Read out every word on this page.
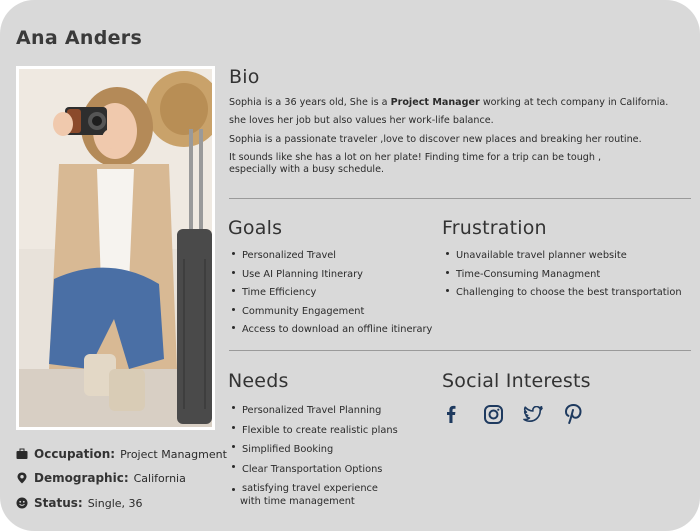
Ana Anders
Occupation: Project Managment
Demographic: California
Status: Single, 36
Bio
Sophia is a 36 years old, She is a Project Manager working at tech company in California.
she loves her job but also values her work-life balance.
Sophia is a passionate traveler ,love to discover new places and breaking her routine.
It sounds like she has a lot on her plate! Finding time for a trip can be tough ,
especially with a busy schedule.
Goals
Personalized Travel
Use AI Planning Itinerary
Time Efficiency
Community Engagement
Access to download an offline itinerary
Frustration
Unavailable travel planner website
Time-Consuming Managment
Challenging to choose the best transportation
Needs
Personalized Travel Planning
Flexible to create realistic plans
Simplified Booking
Clear Transportation Options
satisfying travel experience
with time management
Social Interests
